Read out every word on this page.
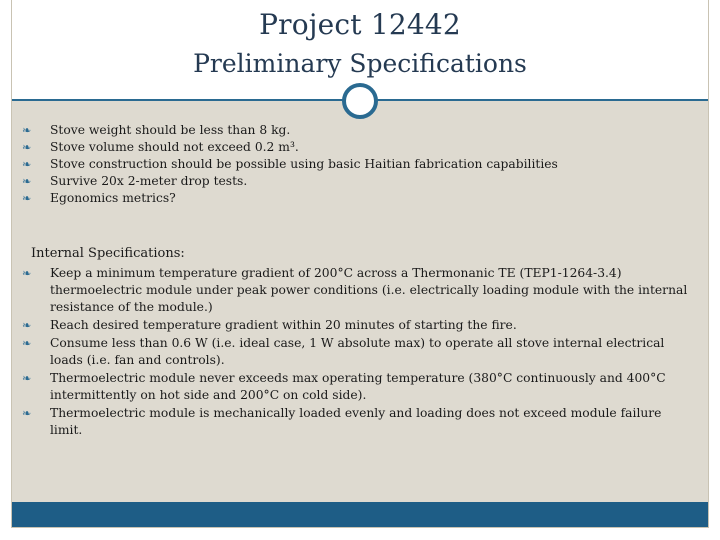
Project 12442
Preliminary Specifications
❧	Stove weight should be less than 8 kg.
❧	Stove volume should not exceed 0.2 m³.
❧	Stove construction should be possible using basic Haitian fabrication capabilities
❧	Survive 20x 2-meter drop tests.
❧	Egonomics metrics?
Internal Specifications:
❧	Keep a minimum temperature gradient of 200°C across a Thermonanic TE (TEP1-1264-3.4) thermoelectric module under peak power conditions (i.e. electrically loading module with the internal resistance of the module.)
❧	Reach desired temperature gradient within 20 minutes of starting the fire.
❧	Consume less than 0.6 W (i.e. ideal case, 1 W absolute max) to operate all stove internal electrical loads (i.e. fan and controls).
❧	Thermoelectric module never exceeds max operating temperature (380°C continuously and 400°C intermittently on hot side and 200°C on cold side).
❧	Thermoelectric module is mechanically loaded evenly and loading does not exceed module failure limit.
